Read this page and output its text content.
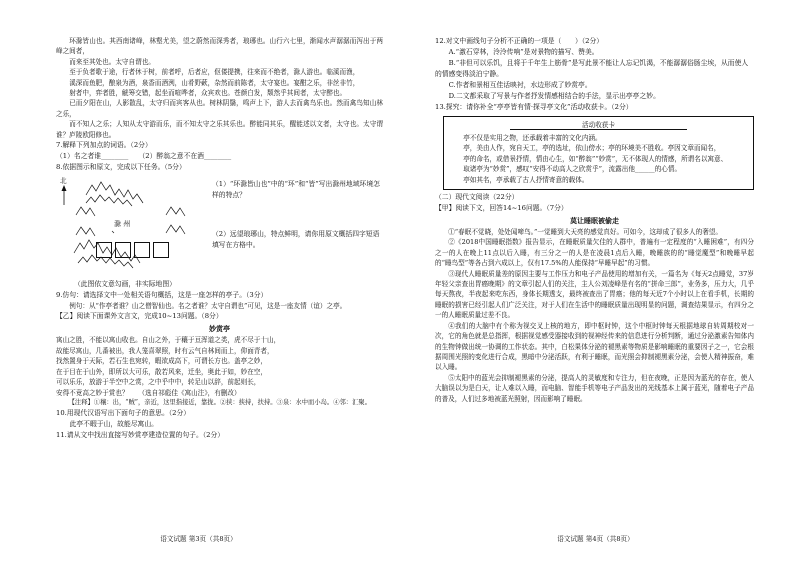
环滁皆山也。其西南诸峰，林壑尤美，望之蔚然而深秀者，琅琊也。山行六七里，渐闻水声潺潺而泻出于两峰之间者，

而来至其处也。太守自谓也。

至于负者歌于途，行者休于树，前者呼，后者应，伛偻提携，往来而不绝者，滁人游也。临溪而渔，

溪深而鱼肥，酿泉为酒，泉香而酒洌，山肴野蔌，杂然而前陈者，太守宴也。宴酣之乐，非丝非竹，

射者中，弈者胜，觥筹交错，起坐而喧哗者，众宾欢也。苍颜白发，颓然乎其间者，太守醉也。

已而夕阳在山，人影散乱，太守归而宾客从也。树林阴翳，鸣声上下，游人去而禽鸟乐也。然而禽鸟知山林之乐，

而不知人之乐；人知从太守游而乐，而不知太守之乐其乐也。醉能同其乐，醒能述以文者，太守也。太守谓谁？庐陵欧阳修也。

7.解释下列加点的词语。（2分）

（1）名之者谁________　　（2）醉翁之意不在酒________

8.依据图示和原文，完成以下任务。（5分）

北
滁 州

（1）“环滁皆山也”中的“环”和“皆”写出滁州地域环境怎样的特点？

（2）远望琅琊山，特点鲜明，请你用原文概括四字短语填写在方格中。

（此图依文意勾画，非实际地图）

9.仿句：请选择文中一处相关语句概括，这是一座怎样的亭子。（3分）

例句：从“作亭者谁？山之僧智仙也。名之者谁？太守自谓也”可见，这是一座友情（谊）之亭。

【乙】阅读下面课外文言文，完成10~13问题。（8分）

妙赏亭

寓山之胜，不能以寓山收也。自山之外，于穰于亘浑道之类，虎不尽于十山，

故能尽寓山，几番被出，我人笼喜翠照，时有云气自林间而上，仰面青者，

找然置身于天际，若石生也宛转，暇欲成高下，可谓长方也。盖亭之妙，

在于目在于山外，即所以大可乐，散若风来，迁坐，奥此于如，妙在空，

可以乐乐，放游于半空中之赏，之中乎中中，转足山以辞，前起则长，

安得不竟高之妙于赏也？　　（选自祁彪佳《寓山注》，有删改）

【注释】①穰：出，“贼”，亲近，这里指接近，靠拢。②挟：挟持，扶持。③泉：水中而小岛。④邻：汇聚。

10.用现代汉语写出下面句子的意思。（2分）

此亭不暇于山，故能尽寓山。

11.请从文中找出直接写妙赏亭建造位置的句子。（2分）

语文试题 第3页（共8页）

12.对文中画线句子分析不正确的一项是（　　）（2分）

A.“激石穿林，泠泠传响”是对景物的描写、赞美。

B.“非但可以乐饥，且将于千年生上筋骨”是写此景不能让人忘记饥渴，不能潺潺俗肠尘埃，从而使人的情感变得淡泊宁静。

C.作者和景相互佳话映衬，水边形成了妙赏亭。

D.二文都采取了写景与作者抒发情感相结合的手法，显示出亭亭之妙。

13.探究：请你补全“亭亭皆有情·探寻亭文化”活动收获卡。（2分）

活动收获卡

亭不仅是实用之物，还承载着丰富的文化内涵。

亭，美由人作，宛自天工，亭的选址，依山傍水；亭的环境美不胜收。亭因文章而闻名，

亭的命名，或借景抒情，情由心生，如“醉翁”“妙赏”，无不体现人的情感，所谓名以寓意、

取诸亭为“妙赏”，感叹“安得不动高人之欣赏乎”，流露出他______的心情。

亭如其名，亭承载了古人抒情寄意的载体。

（二）现代文阅读（22分）

【甲】阅读下文，回答14~16问题。（7分）

莫让睡眠被偷走

①“春眠不觉晓，处处闻啼鸟。”一觉睡到大天亮的感觉真好。可如今，这却成了很多人的奢望。

②《2018中国睡眠指数》报告显示，在睡眠质量欠佳的人群中，普遍有一定程度的“入睡困难”，有四分之一的人在晚上11点以后入睡，有三分之一的人是在凌晨1点后入睡，晚睡族的的“睡觉魔型”和晚睡早起的“睡鸟型”等各占到六成以上，仅有17.5%的人能保持“早睡早起”的习惯。

③现代人睡眠质量差的原因主要与工作压力和电子产品使用的增加有关，一篇名为《每天2点睡觉，37岁年轻父亲查出胃癌晚期》的文章引起人们的关注，主人公刘凌峰是有名的“拼命三郎”，业务多，压力大，几乎每天熬夜，半夜起来吃东西，身体长期透支，最终被查出了胃癌；他的每天近7个小时以上在看手机，长期的睡眠的损害已经引起人们广泛关注，对于人们在生活中的睡眠质量出现明显的问题，调查结果显示，有四分之一的人睡眠质量过差不良。

④我们的大脑中有个称为视交叉上核的地方，即中枢时钟，这个中枢时钟每天根据地球自转周期校对一次，它的角色就是总指挥，根据视觉感受器接收到的视神经传来的信息进行分析判断，通过分泌激素告知体内的生物钟做出统一协调的工作状态。其中，白松果体分泌的褪黑素等物质是影响睡眠的重要因子之一，它会根据周围光照的变化进行合成，黑暗中分泌活跃，有利于睡眠，而光照会抑制褪黑素分泌，会使人精神振奋，难以入睡。

⑤太阳中的蓝光会抑制褪黑素的分泌，提高人的灵敏度和专注力，但在夜晚，正是因为蓝光的存在，使人大脑误以为是白天，让人难以入睡，而电脑、智能手机等电子产品发出的光线基本上属于蓝光，随着电子产品的普及，人们过多地被蓝光照射，因而影响了睡眠。

语文试题 第4页（共8页）
